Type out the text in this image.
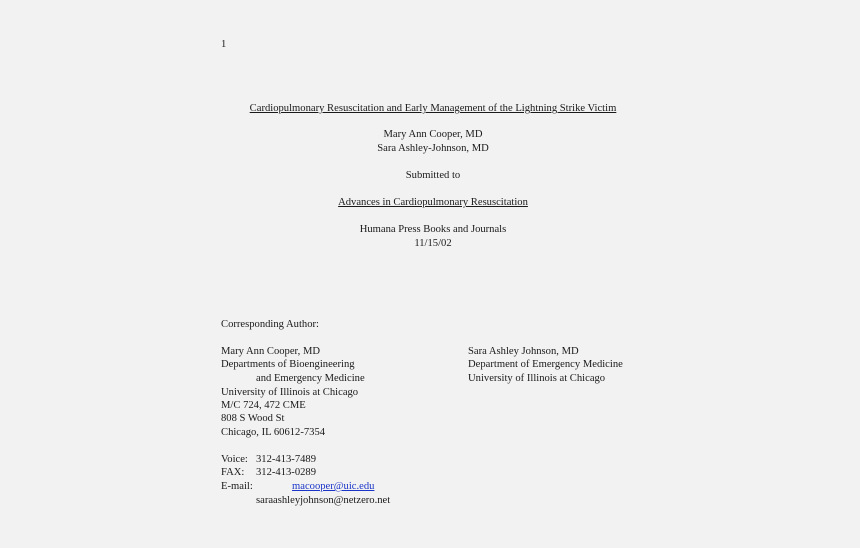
1
Cardiopulmonary Resuscitation and Early Management of the Lightning Strike Victim
Mary Ann Cooper, MD
Sara Ashley-Johnson, MD
Submitted to
Advances in Cardiopulmonary Resuscitation
Humana Press Books and Journals
11/15/02
Corresponding Author:
Mary Ann Cooper, MD
Departments of Bioengineering
and Emergency Medicine
University of Illinois at Chicago
M/C 724, 472 CME
808 S Wood St
Chicago, IL 60612-7354
Sara Ashley Johnson, MD
Department of Emergency Medicine
University of Illinois at Chicago
Voice: 312-413-7489
FAX: 312-413-0289
E-mail:	macooper@uic.edu
saraashleyjohnson@netzero.net
